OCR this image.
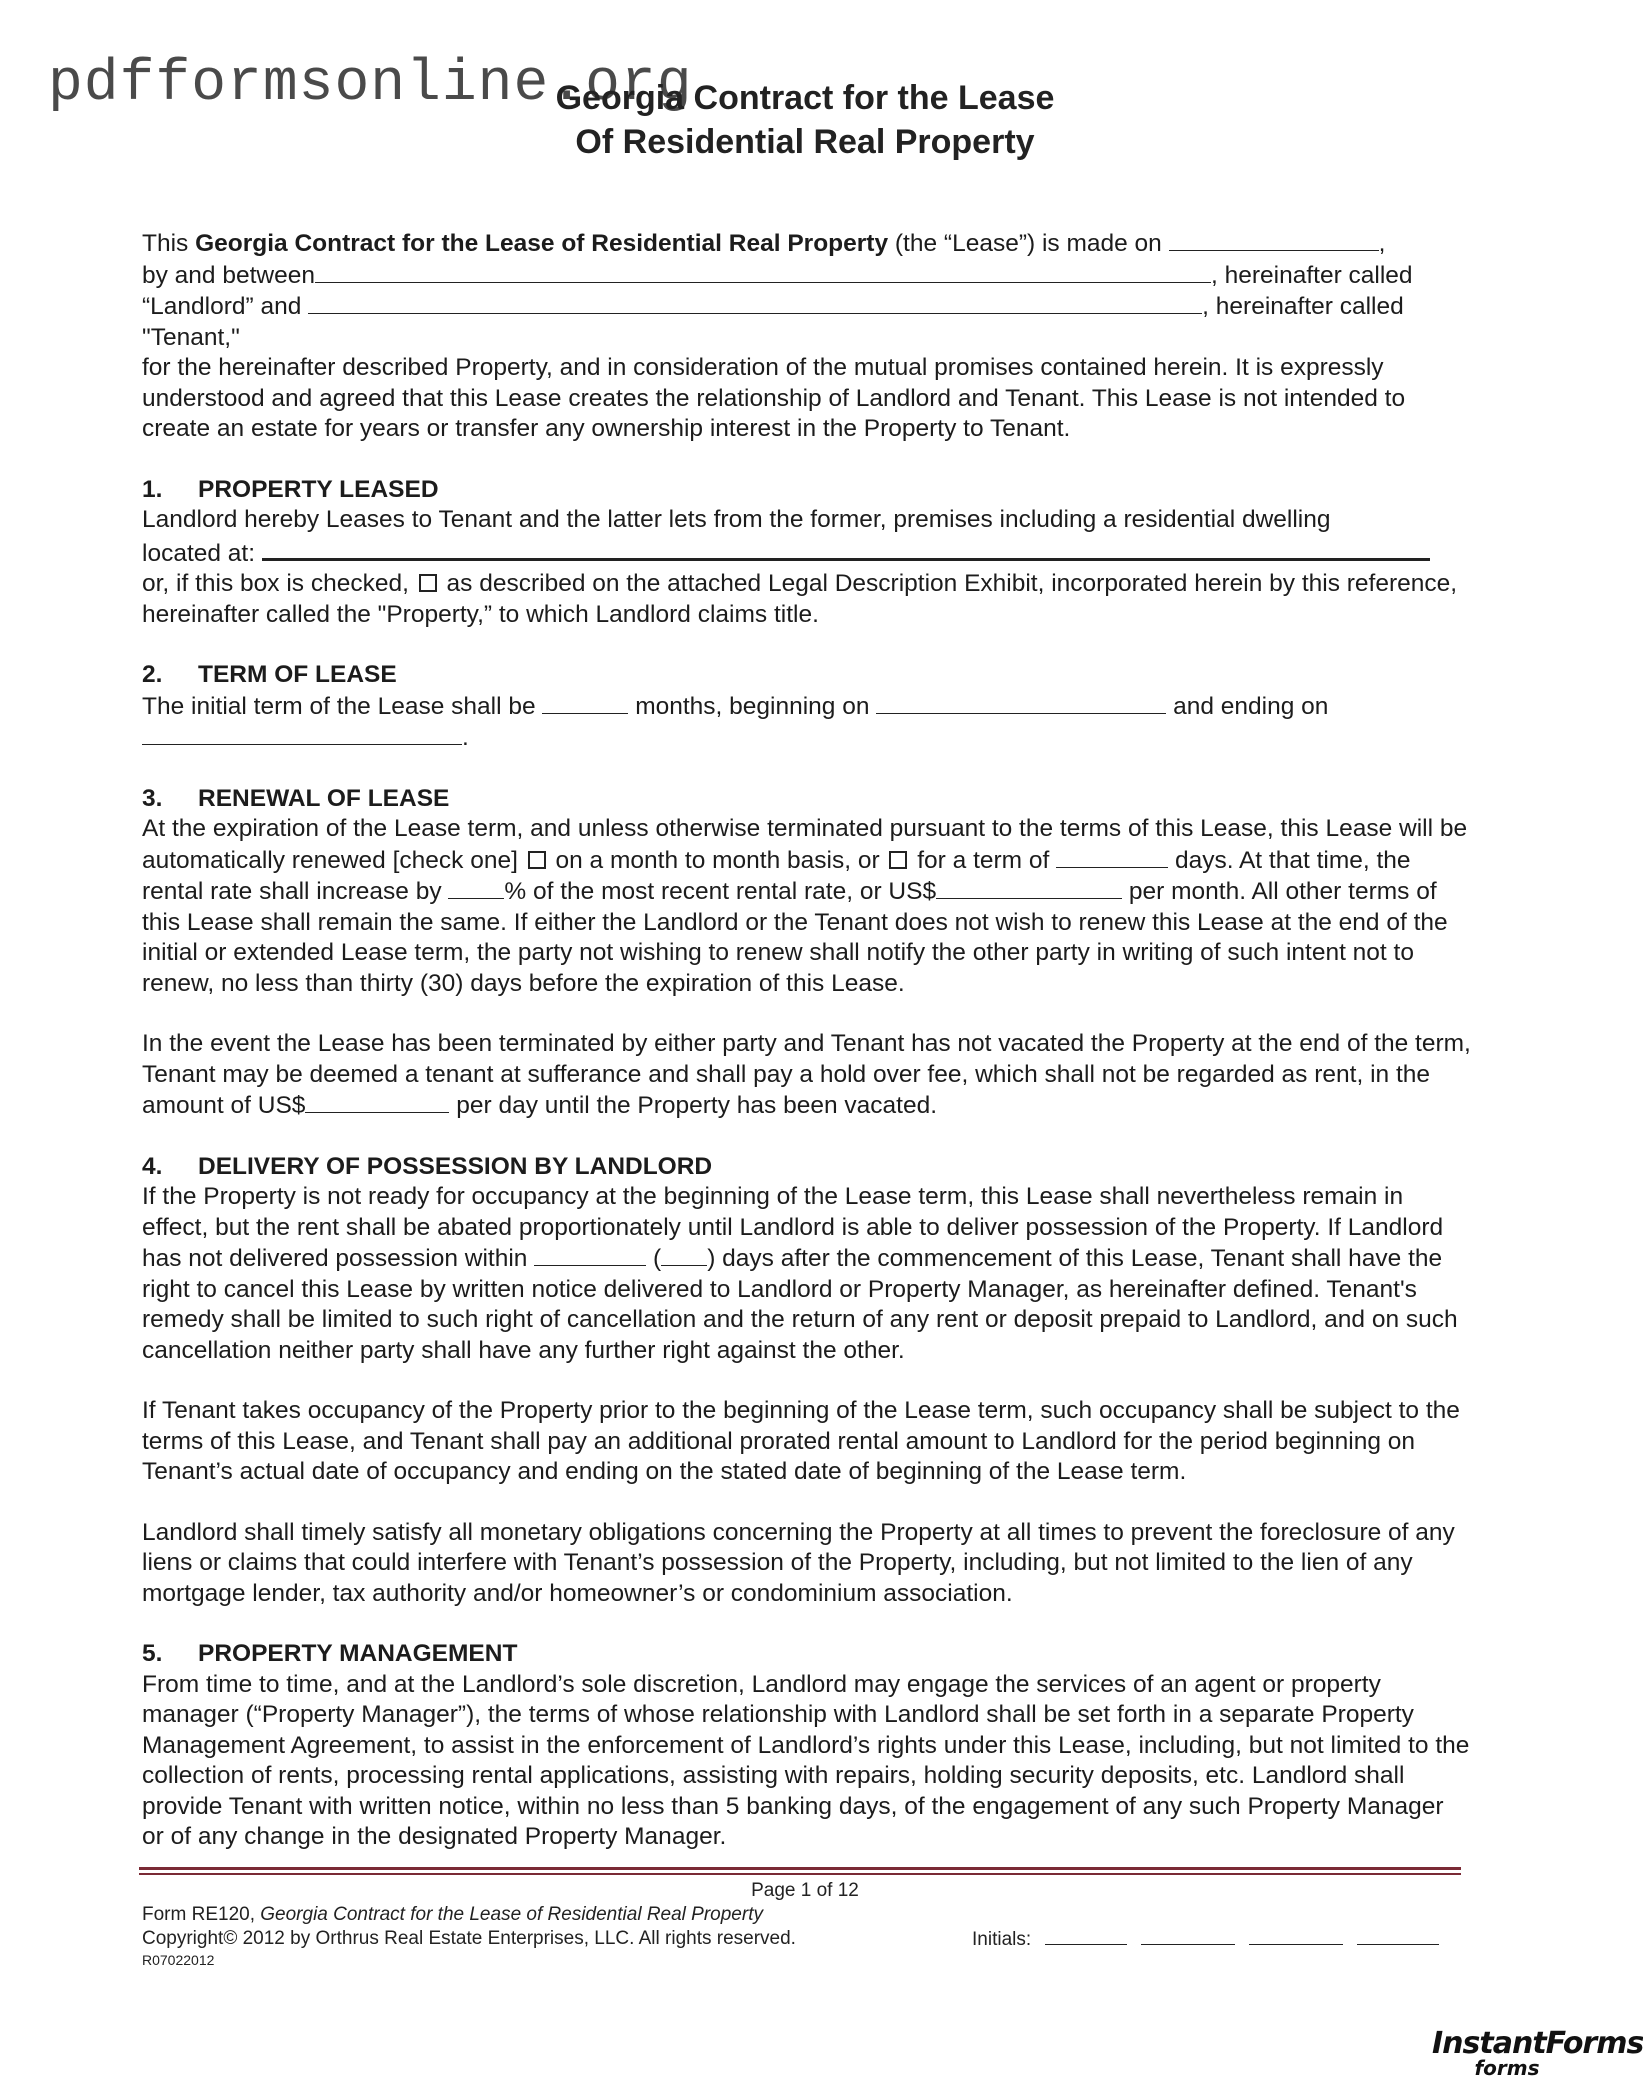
pdfformsonline.org
Georgia Contract for the Lease
Of Residential Real Property

This Georgia Contract for the Lease of Residential Real Property (the “Lease”) is made on	,
by and between	, hereinafter called
“Landlord” and	, hereinafter called "Tenant,"
for the hereinafter described Property, and in consideration of the mutual promises contained herein. It is expressly understood and agreed that this Lease creates the relationship of Landlord and Tenant. This Lease is not intended to create an estate for years or transfer any ownership interest in the Property to Tenant.

1. PROPERTY LEASED

Landlord hereby Leases to Tenant and the latter lets from the former, premises including a residential dwelling
located at:
or, if this box is checked,  as described on the attached Legal Description Exhibit, incorporated herein by this reference, hereinafter called the "Property,” to which Landlord claims title.

2. TERM OF LEASE

The initial term of the Lease shall be	months, beginning on	and ending on
.

3. RENEWAL OF LEASE

At the expiration of the Lease term, and unless otherwise terminated pursuant to the terms of this Lease, this Lease will be automatically renewed [check one]  on a month to month basis, or  for a term of	days. At that time, the rental rate shall increase by % of the most recent rental rate, or US$	per month. All other terms of this Lease shall remain the same. If either the Landlord or the Tenant does not wish to renew this Lease at the end of the initial or extended Lease term, the party not wishing to renew shall notify the other party in writing of such intent not to renew, no less than thirty (30) days before the expiration of this Lease.

In the event the Lease has been terminated by either party and Tenant has not vacated the Property at the end of the term, Tenant may be deemed a tenant at sufferance and shall pay a hold over fee, which shall not be regarded as rent, in the amount of US$	per day until the Property has been vacated.

4. DELIVERY OF POSSESSION BY LANDLORD

If the Property is not ready for occupancy at the beginning of the Lease term, this Lease shall nevertheless remain in effect, but the rent shall be abated proportionately until Landlord is able to deliver possession of the Property. If Landlord has not delivered possession within	( ) days after the commencement of this Lease, Tenant shall have the right to cancel this Lease by written notice delivered to Landlord or Property Manager, as hereinafter defined. Tenant's remedy shall be limited to such right of cancellation and the return of any rent or deposit prepaid to Landlord, and on such cancellation neither party shall have any further right against the other.

If Tenant takes occupancy of the Property prior to the beginning of the Lease term, such occupancy shall be subject to the terms of this Lease, and Tenant shall pay an additional prorated rental amount to Landlord for the period beginning on Tenant’s actual date of occupancy and ending on the stated date of beginning of the Lease term.

Landlord shall timely satisfy all monetary obligations concerning the Property at all times to prevent the foreclosure of any liens or claims that could interfere with Tenant’s possession of the Property, including, but not limited to the lien of any mortgage lender, tax authority and/or homeowner’s or condominium association.

5. PROPERTY MANAGEMENT

From time to time, and at the Landlord’s sole discretion, Landlord may engage the services of an agent or property manager (“Property Manager”), the terms of whose relationship with Landlord shall be set forth in a separate Property Management Agreement, to assist in the enforcement of Landlord’s rights under this Lease, including, but not limited to the collection of rents, processing rental applications, assisting with repairs, holding security deposits, etc. Landlord shall provide Tenant with written notice, within no less than 5 banking days, of the engagement of any such Property Manager or of any change in the designated Property Manager.

Page 1 of 12
Form RE120, Georgia Contract for the Lease of Residential Real Property
Copyright© 2012 by Orthrus Real Estate Enterprises, LLC. All rights reserved.
R07022012
Initials:
InstantForms
forms
